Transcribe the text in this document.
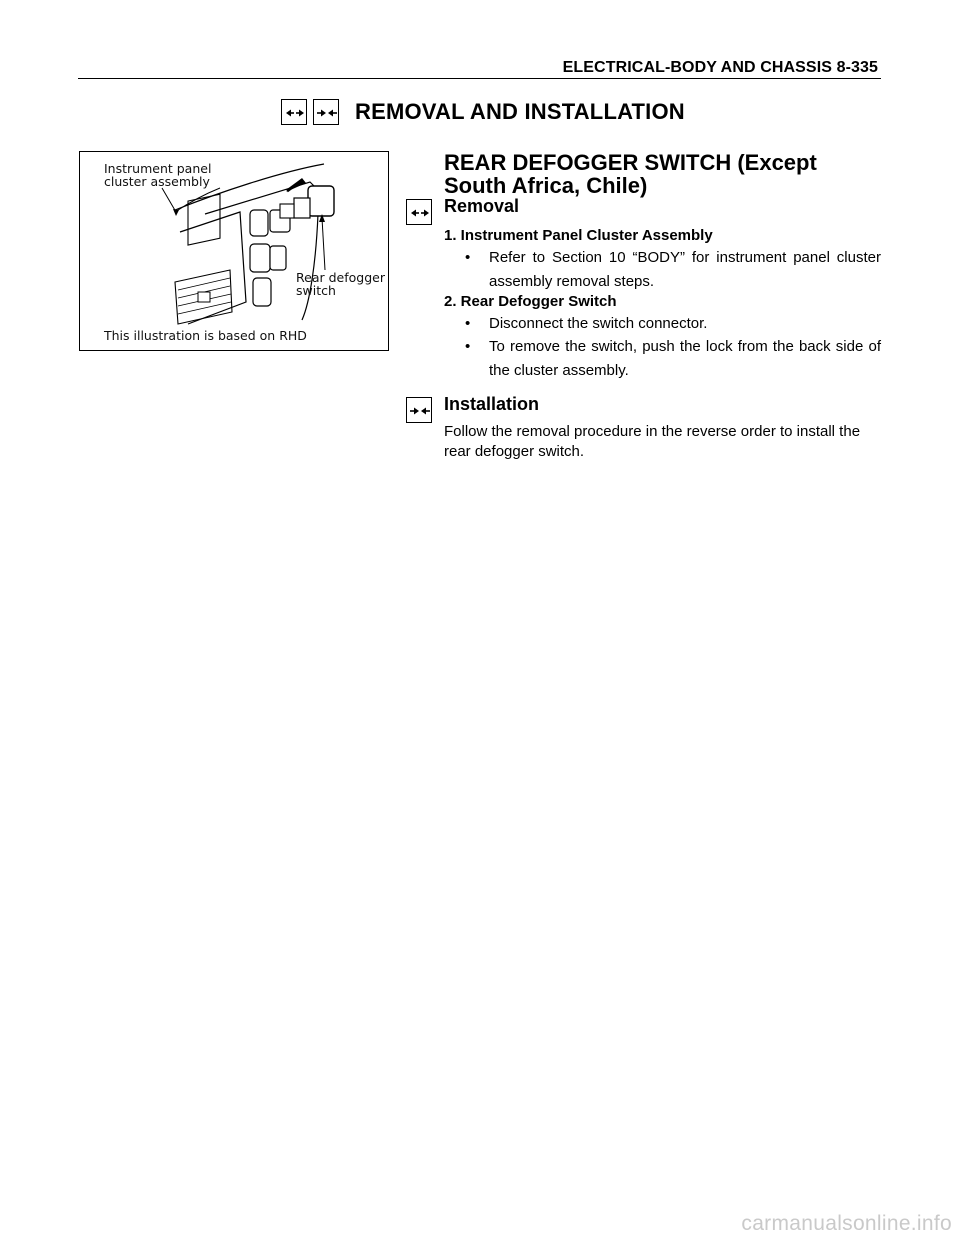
ELECTRICAL-BODY AND CHASSIS 8-335
REMOVAL AND INSTALLATION
Instrument panel
cluster assembly
Rear defogger
switch
This illustration is based on RHD
REAR DEFOGGER SWITCH (Except
South Africa, Chile)
Removal
1. Instrument Panel Cluster Assembly
• Refer to Section 10 “BODY” for instrument panel cluster assembly removal steps.
2. Rear Defogger Switch
• Disconnect the switch connector.
• To remove the switch, push the lock from the back side of the cluster assembly.
Installation
Follow the removal procedure in the reverse order to install the rear defogger switch.
carmanualsonline.info
